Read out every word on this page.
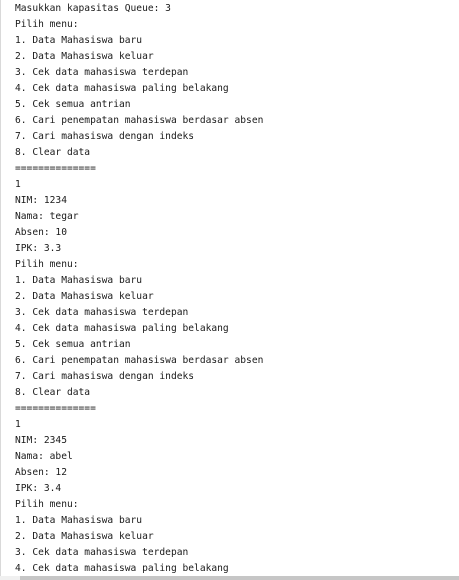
Masukkan kapasitas Queue: 3
Pilih menu:
1. Data Mahasiswa baru
2. Data Mahasiswa keluar
3. Cek data mahasiswa terdepan
4. Cek data mahasiswa paling belakang
5. Cek semua antrian
6. Cari penempatan mahasiswa berdasar absen
7. Cari mahasiswa dengan indeks
8. Clear data
==============
1
NIM: 1234
Nama: tegar
Absen: 10
IPK: 3.3
Pilih menu:
1. Data Mahasiswa baru
2. Data Mahasiswa keluar
3. Cek data mahasiswa terdepan
4. Cek data mahasiswa paling belakang
5. Cek semua antrian
6. Cari penempatan mahasiswa berdasar absen
7. Cari mahasiswa dengan indeks
8. Clear data
==============
1
NIM: 2345
Nama: abel
Absen: 12
IPK: 3.4
Pilih menu:
1. Data Mahasiswa baru
2. Data Mahasiswa keluar
3. Cek data mahasiswa terdepan
4. Cek data mahasiswa paling belakang
